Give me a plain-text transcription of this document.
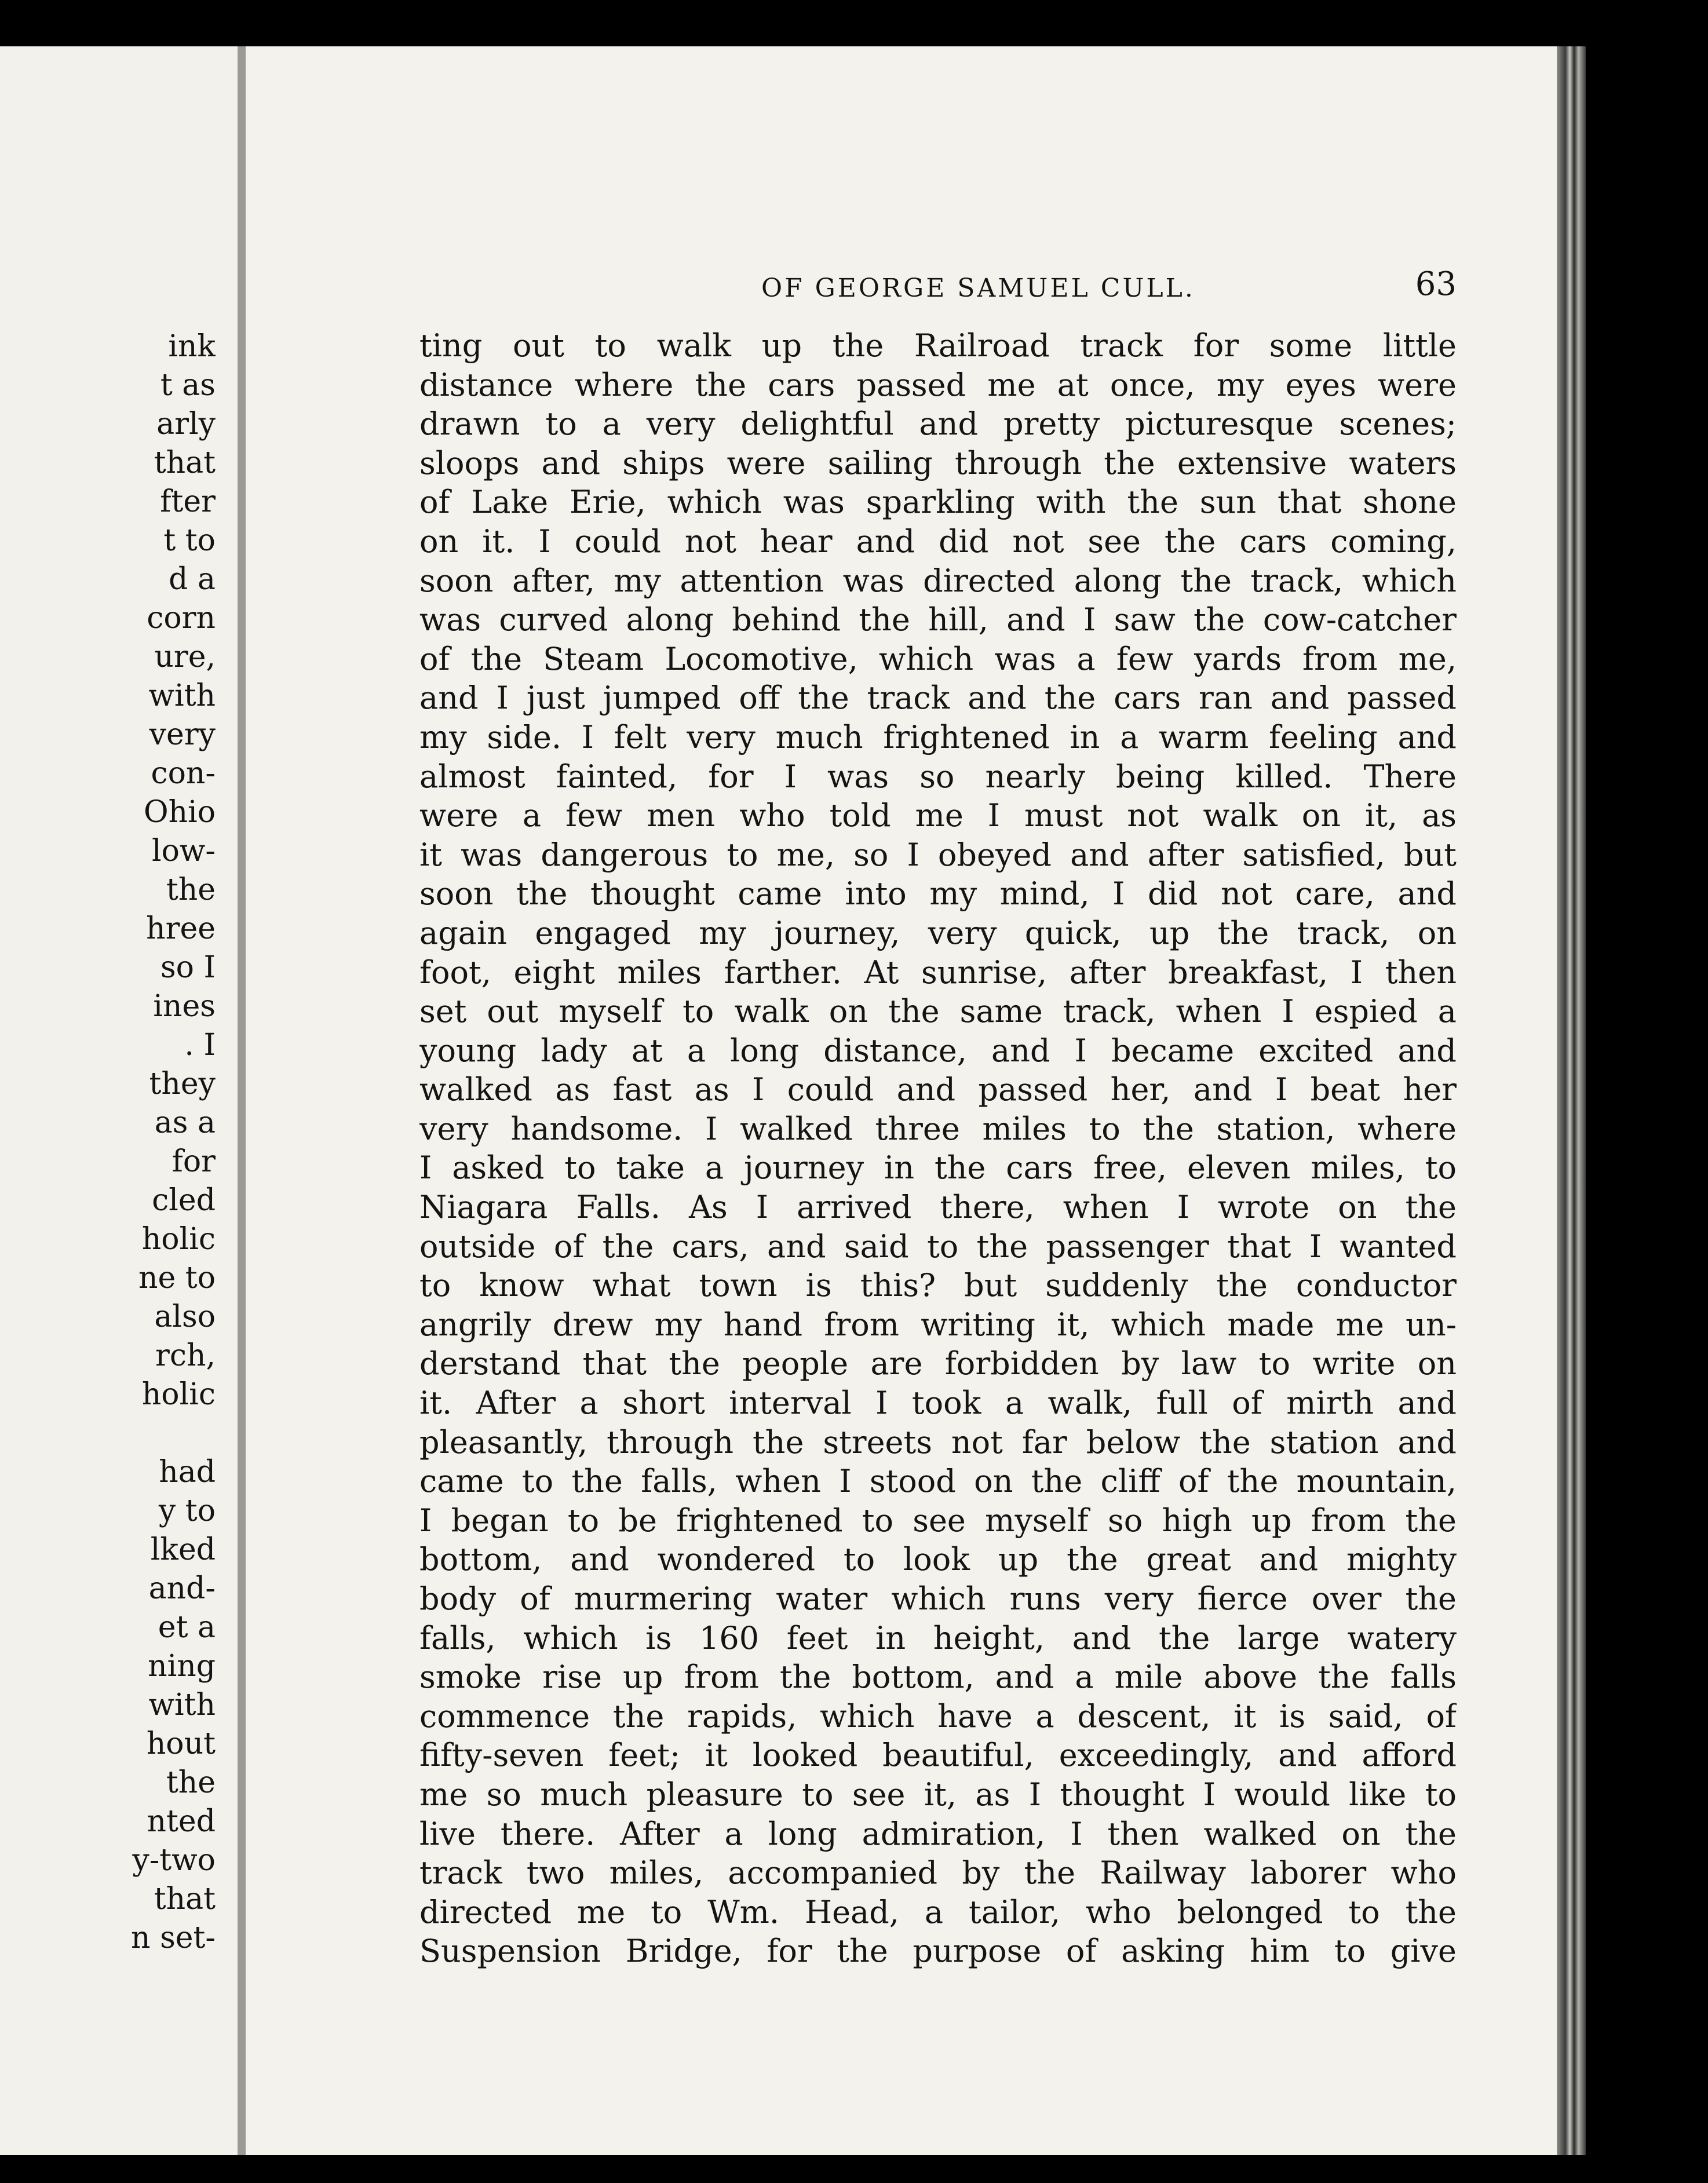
ink
t as
arly
that
fter
t to
d a
corn
ure,
with
very
con-
Ohio
low-
the
hree
so I
ines
. I
they
as a
for
cled
holic
ne to
also
rch,
holic
had
y to
lked
and-
et a
ning
with
hout
the
nted
y-two
that
n set-
OF GEORGE SAMUEL CULL.	63
ting out to walk up the Railroad track for some little
distance where the cars passed me at once, my eyes were
drawn to a very delightful and pretty picturesque scenes;
sloops and ships were sailing through the extensive waters
of Lake Erie, which was sparkling with the sun that shone
on it. I could not hear and did not see the cars coming,
soon after, my attention was directed along the track, which
was curved along behind the hill, and I saw the cow-catcher
of the Steam Locomotive, which was a few yards from me,
and I just jumped off the track and the cars ran and passed
my side. I felt very much frightened in a warm feeling and
almost fainted, for I was so nearly being killed. There
were a few men who told me I must not walk on it, as
it was dangerous to me, so I obeyed and after satisfied, but
soon the thought came into my mind, I did not care, and
again engaged my journey, very quick, up the track, on
foot, eight miles farther. At sunrise, after breakfast, I then
set out myself to walk on the same track, when I espied a
young lady at a long distance, and I became excited and
walked as fast as I could and passed her, and I beat her
very handsome. I walked three miles to the station, where
I asked to take a journey in the cars free, eleven miles, to
Niagara Falls. As I arrived there, when I wrote on the
outside of the cars, and said to the passenger that I wanted
to know what town is this? but suddenly the conductor
angrily drew my hand from writing it, which made me un-
derstand that the people are forbidden by law to write on
it. After a short interval I took a walk, full of mirth and
pleasantly, through the streets not far below the station and
came to the falls, when I stood on the cliff of the mountain,
I began to be frightened to see myself so high up from the
bottom, and wondered to look up the great and mighty
body of murmering water which runs very fierce over the
falls, which is 160 feet in height, and the large watery
smoke rise up from the bottom, and a mile above the falls
commence the rapids, which have a descent, it is said, of
fifty-seven feet; it looked beautiful, exceedingly, and afford
me so much pleasure to see it, as I thought I would like to
live there. After a long admiration, I then walked on the
track two miles, accompanied by the Railway laborer who
directed me to Wm. Head, a tailor, who belonged to the
Suspension Bridge, for the purpose of asking him to give
